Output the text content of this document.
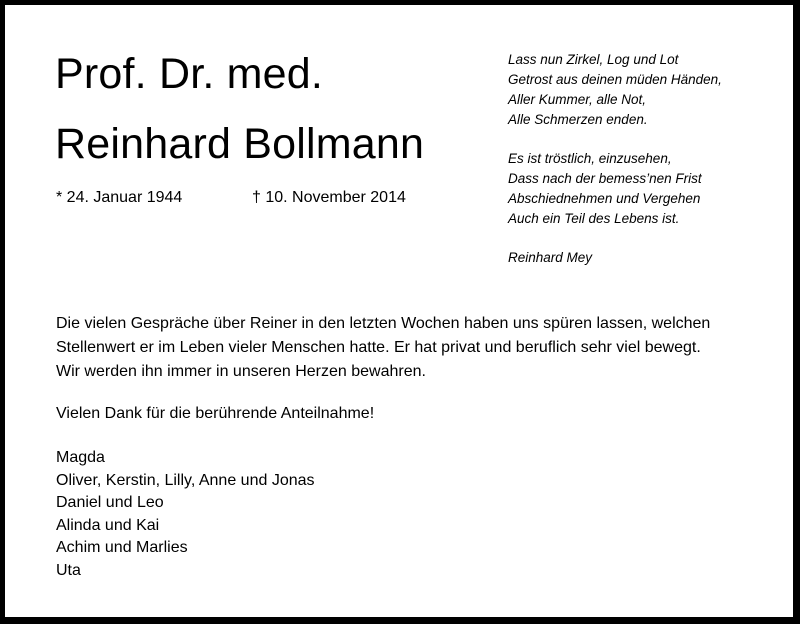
Prof. Dr. med.
Reinhard Bollmann
* 24. Januar 1944	† 10. November 2014
Lass nun Zirkel, Log und Lot
Getrost aus deinen müden Händen,
Aller Kummer, alle Not,
Alle Schmerzen enden.
Es ist tröstlich, einzusehen,
Dass nach der bemess’nen Frist
Abschiednehmen und Vergehen
Auch ein Teil des Lebens ist.
Reinhard Mey
Die vielen Gespräche über Reiner in den letzten Wochen haben uns spüren lassen, welchen
Stellenwert er im Leben vieler Menschen hatte. Er hat privat und beruflich sehr viel bewegt.
Wir werden ihn immer in unseren Herzen bewahren.
Vielen Dank für die berührende Anteilnahme!
Magda
Oliver, Kerstin, Lilly, Anne und Jonas
Daniel und Leo
Alinda und Kai
Achim und Marlies
Uta
